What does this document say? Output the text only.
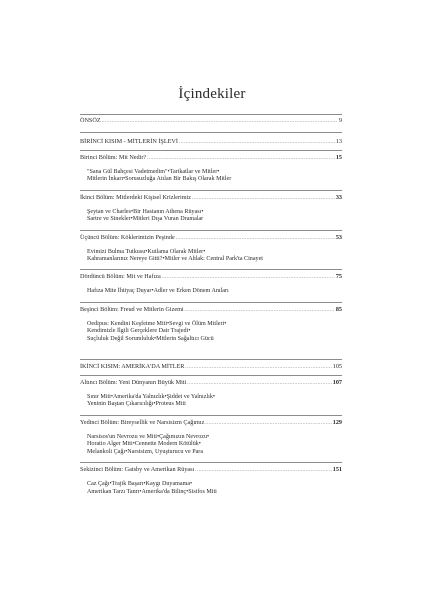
İçindekiler
ÖNSÖZ .....	9
BİRİNCİ KISIM - MİTLERİN İŞLEVİ .....	13
Birinci Bölüm: Mit Nedir? .....	15
"Sana Gül Bahçesi Vadetmedim"•Tarikatlar ve Mitler•
Mitlerin İnkarı•Sorusuzluğa Atılan Bir Bakış Olarak Mitler
İkinci Bölüm: Mitlerdeki Kişisel Krizlerimiz .....	33
Şeytan ve Charles•Bir Hastanın Athena Rüyası•
Sartre ve Sinekler•Mitleri Dışa Vuran Dramalar
Üçüncü Bölüm: Köklerimizin Peşinde .....	53
Evimizi Bulma Tutkusu•Kutlama Olarak Mitler•
Kahramanlarınız Nereye Gitti?•Mitler ve Ahlak: Central Park'ta Cinayet
Dördüncü Bölüm: Mit ve Hafıza .....	75
Hafıza Mite İhtiyaç Duyar•Adler ve Erken Dönem Anıları
Beşinci Bölüm: Freud ve Mitlerin Gizemi .....	85
Oedipus: Kendini Keşfetme Miti•Sevgi ve Ölüm Mitleri•
Kendimizle İlgili Gerçeklere Dair Trajedi•
Suçluluk Değil Sorumluluk•Mitlerin Sağaltıcı Gücü
İKİNCİ KISIM: AMERİKA'DA MİTLER .....	105
Altıncı Bölüm: Yeni Dünyanın Büyük Miti .....	107
Sınır Miti•Amerika'da Yalnızlık•Şiddet ve Yalnızlık•
Yeninin Baştan Çıkarıcılığı•Proteus Miti
Yedinci Bölüm: Bireysellik ve Narsisizm Çağımız .....	129
Narsisos'un Nevrozu ve Miti•Çağımızın Nevrozu•
Horatio Alger Miti•Cennette Modern Kötülük•
Melankoli Çağı•Narsisizm, Uyuşturucu ve Para
Sekizinci Bölüm: Gatsby ve Amerikan Rüyası .....	151
Caz Çağı•Trajik Başarı•Kaygı Duyamama•
Amerikan Tarzı Tanrı•Amerika'da Bilinç•Sisifos Miti
